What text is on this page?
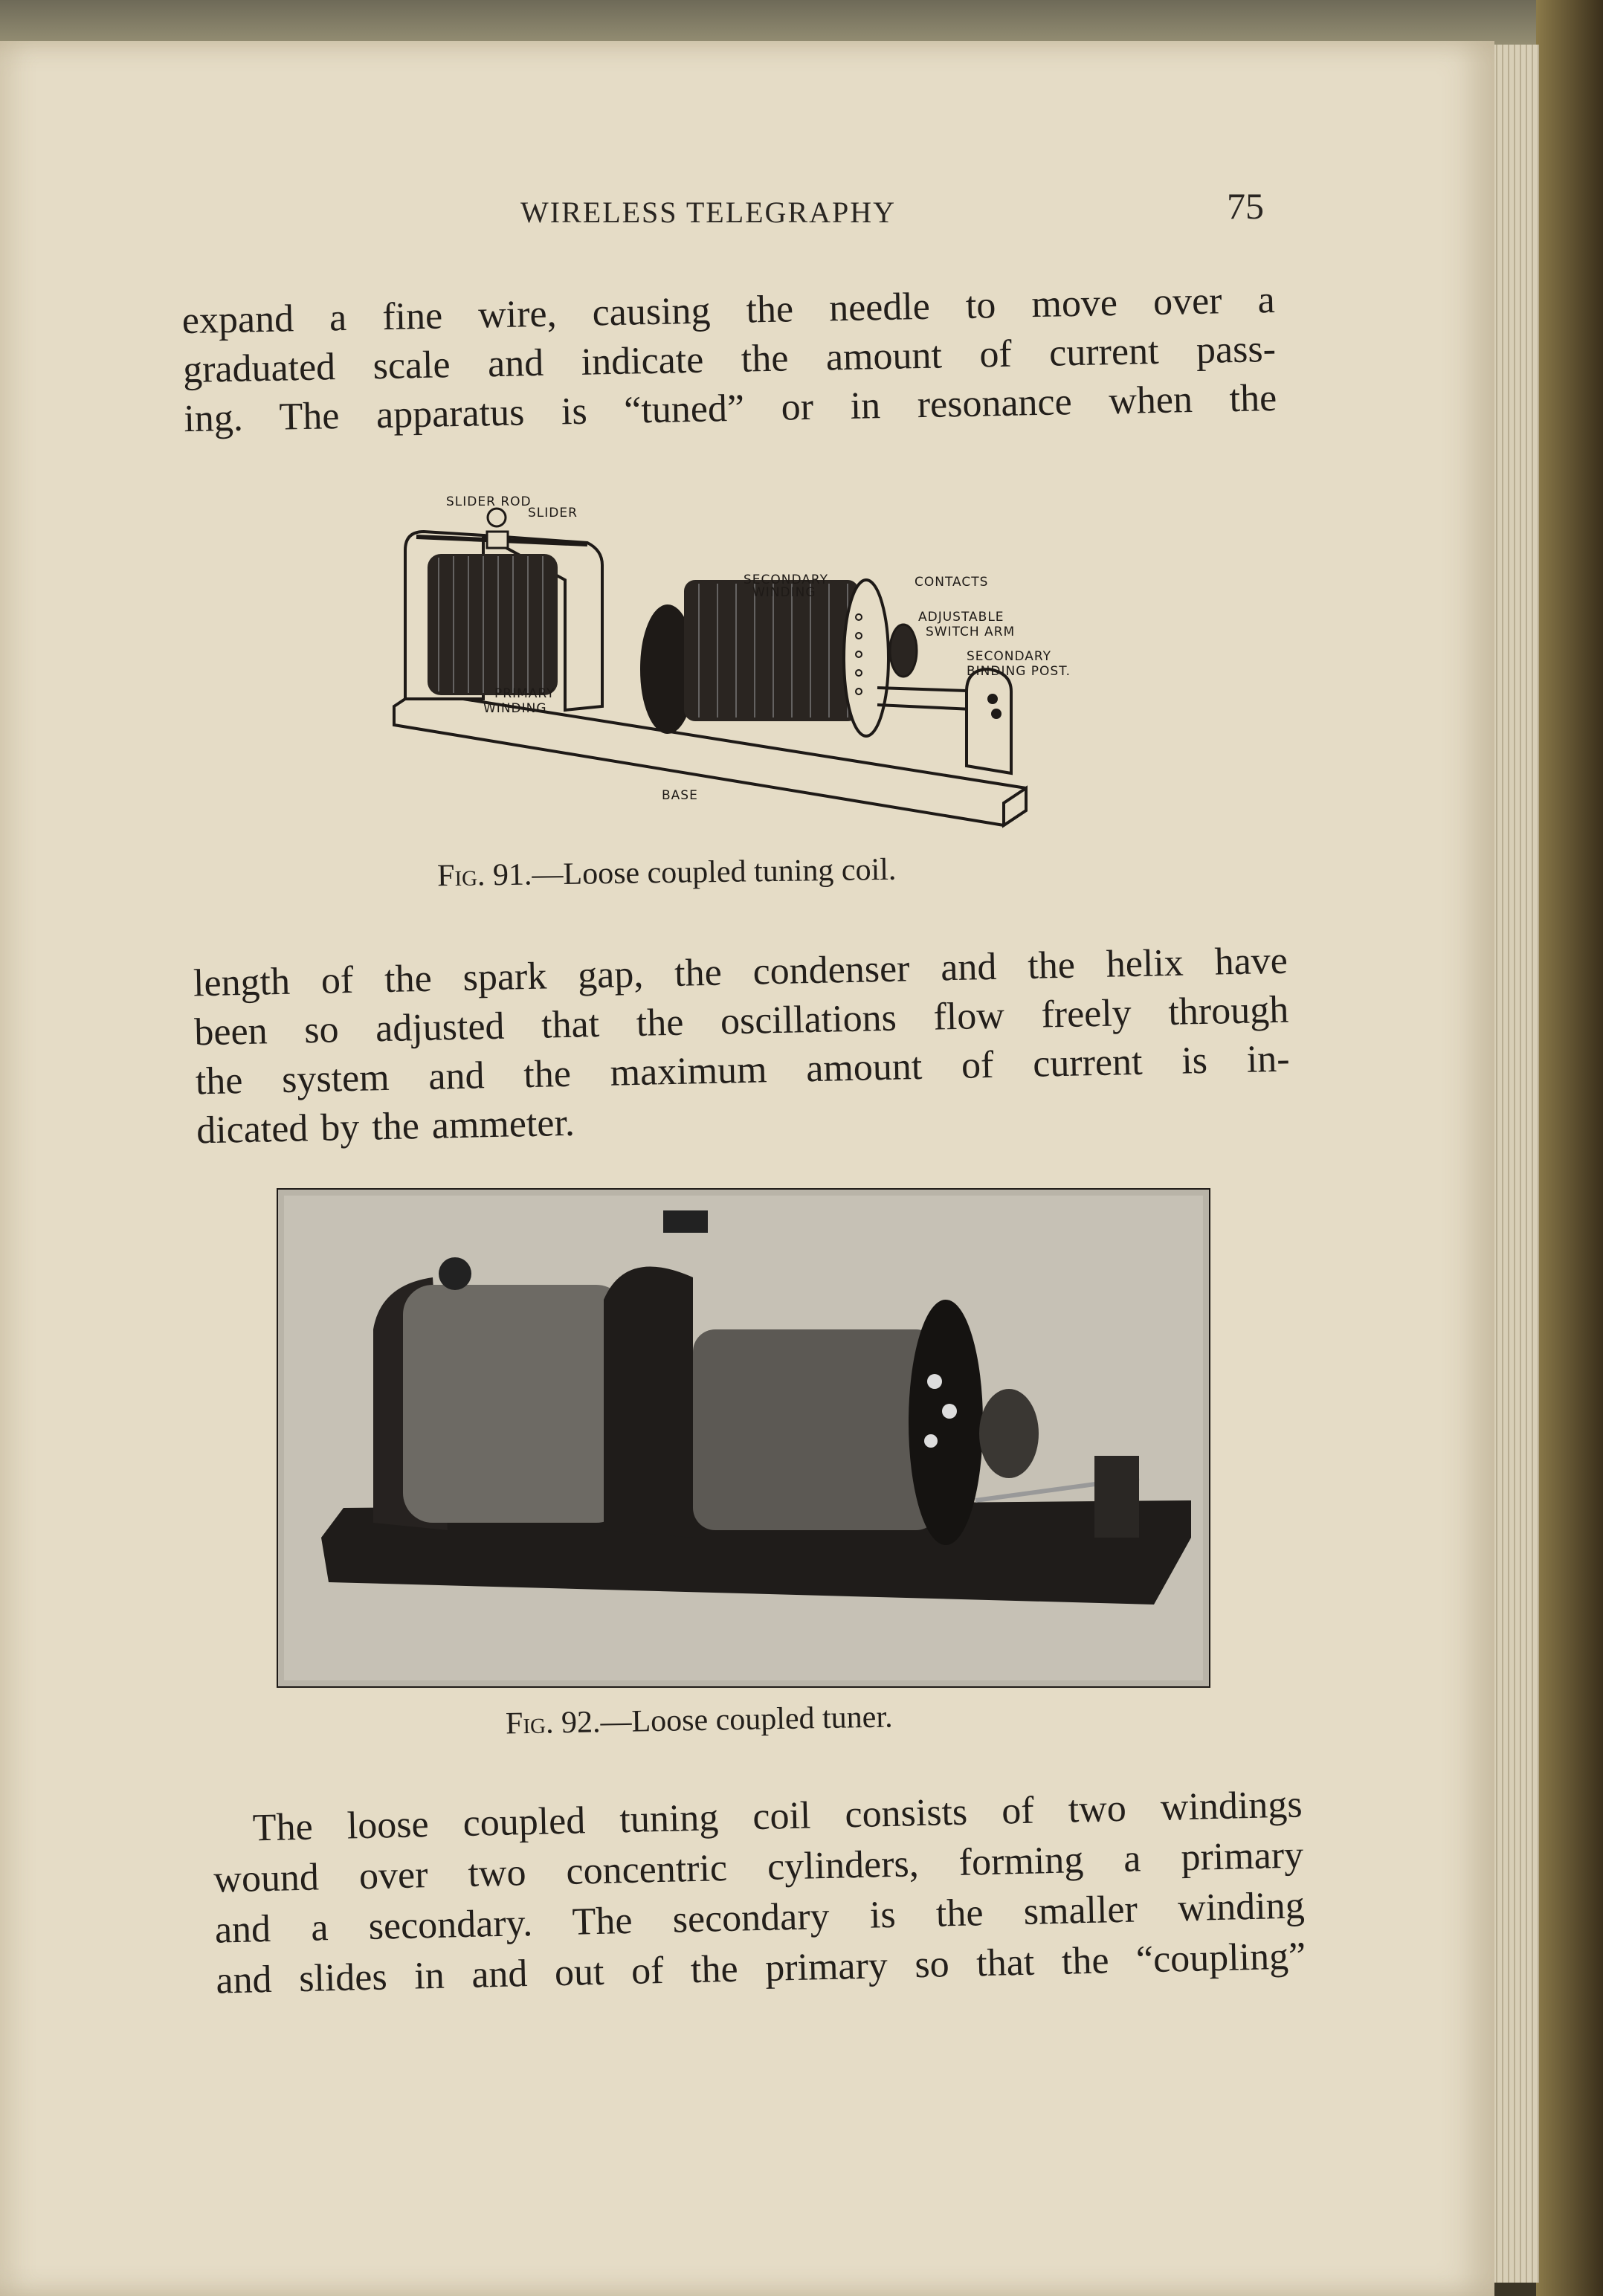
WIRELESS TELEGRAPHY	75
expand a fine wire, causing the needle to move over a
graduated scale and indicate the amount of current pass-
ing. The apparatus is “tuned” or in resonance when the
SLIDER ROD
SLIDER
SECONDARY
WINDING
CONTACTS
ADJUSTABLE
SWITCH ARM
SECONDARY
BINDING POST.
PRIMARY
WINDING
BASE
Fig. 91.—Loose coupled tuning coil.
length of the spark gap, the condenser and the helix have
been so adjusted that the oscillations flow freely through
the system and the maximum amount of current is in-
dicated by the ammeter.
Fig. 92.—Loose coupled tuner.
The loose coupled tuning coil consists of two windings
wound over two concentric cylinders, forming a primary
and a secondary. The secondary is the smaller winding
and slides in and out of the primary so that the “coupling”
